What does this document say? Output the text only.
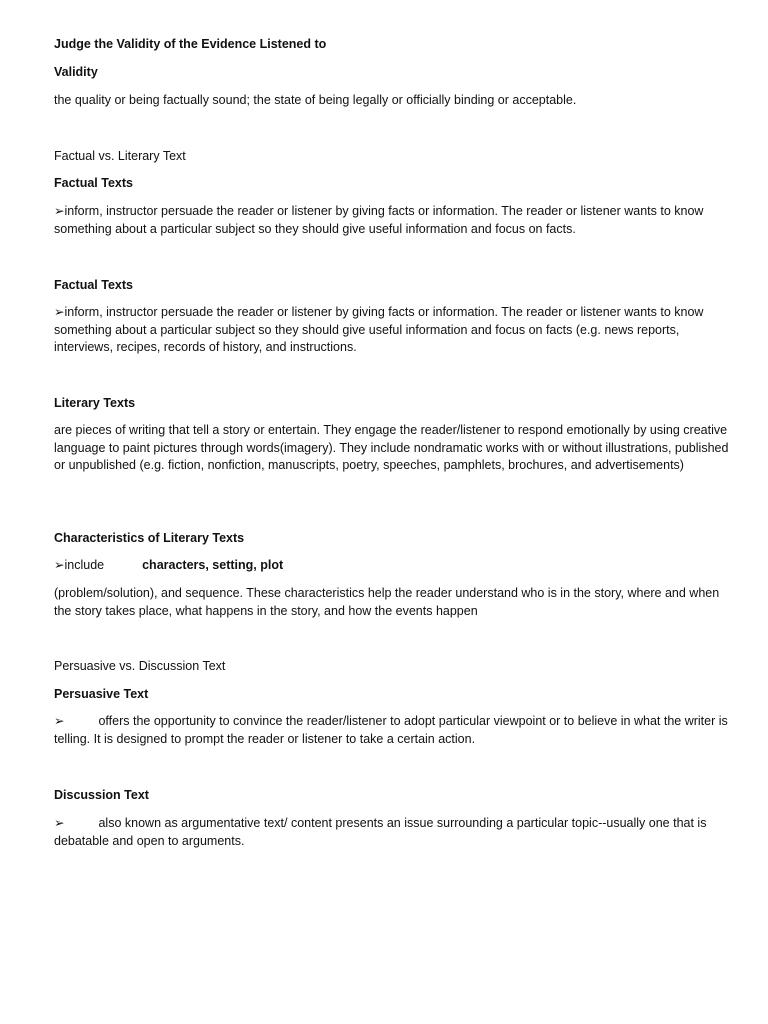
Judge the Validity of the Evidence Listened to

Validity

the quality or being factually sound; the state of being legally or officially binding or acceptable.

Factual vs. Literary Text

Factual Texts

➢inform, instructor persuade the reader or listener by giving facts or information. The reader or listener wants to know something about a particular subject so they should give useful information and focus on facts.

Factual Texts

➢inform, instructor persuade the reader or listener by giving facts or information. The reader or listener wants to know something about a particular subject so they should give useful information and focus on facts (e.g. news reports, interviews, recipes, records of history, and instructions.

Literary Texts

are pieces of writing that tell a story or entertain. They engage the reader/listener to respond emotionally by using creative language to paint pictures through words(imagery). They include nondramatic works with or without illustrations, published or unpublished (e.g. fiction, nonfiction, manuscripts, poetry, speeches, pamphlets, brochures, and advertisements)

Characteristics of Literary Texts

➢include	characters, setting, plot

(problem/solution), and sequence. These characteristics help the reader understand who is in the story, where and when the story takes place, what happens in the story, and how the events happen

Persuasive vs. Discussion Text

Persuasive Text

➢	offers the opportunity to convince the reader/listener to adopt particular viewpoint or to believe in what the writer is telling. It is designed to prompt the reader or listener to take a certain action.

Discussion Text

➢	also known as argumentative text/ content presents an issue surrounding a particular topic--usually one that is debatable and open to arguments.
